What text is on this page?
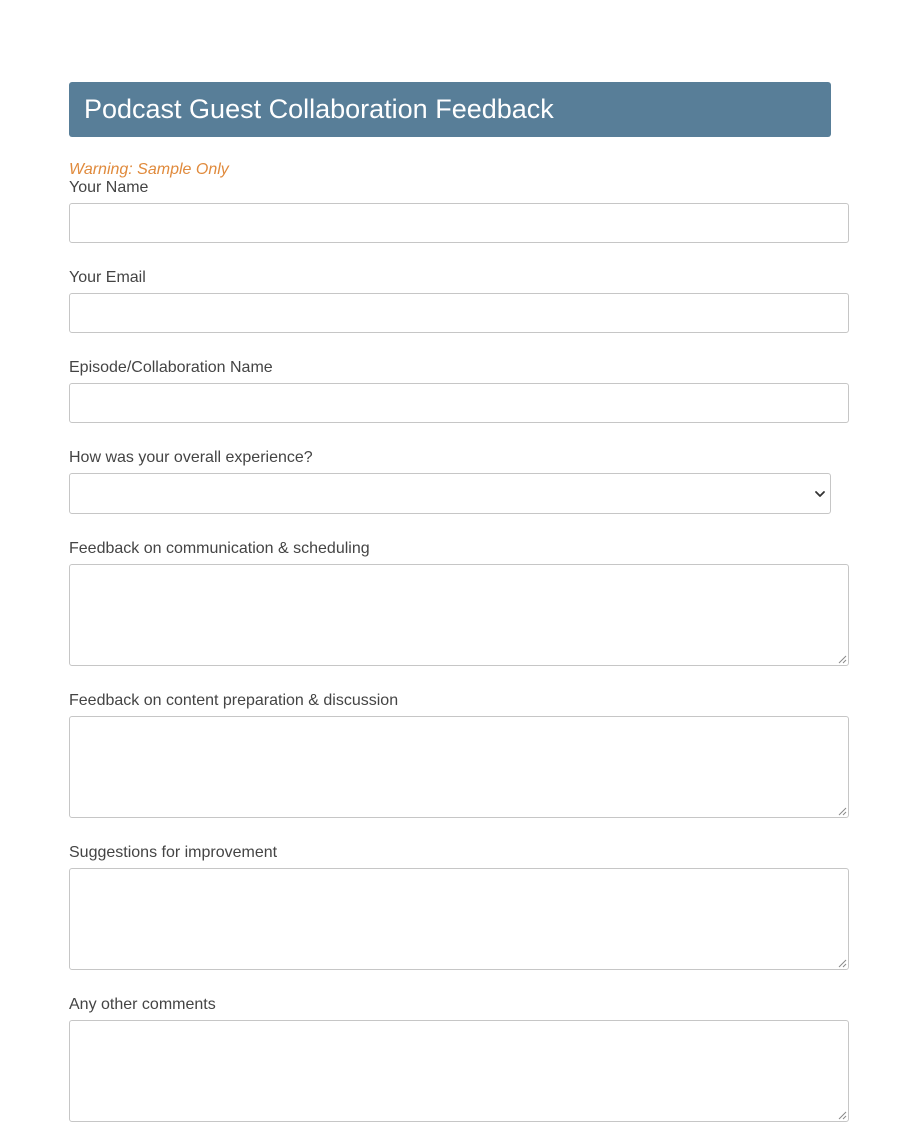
Podcast Guest Collaboration Feedback
Warning: Sample Only
Your Name
Your Email
Episode/Collaboration Name
How was your overall experience?
Feedback on communication & scheduling
Feedback on content preparation & discussion
Suggestions for improvement
Any other comments
